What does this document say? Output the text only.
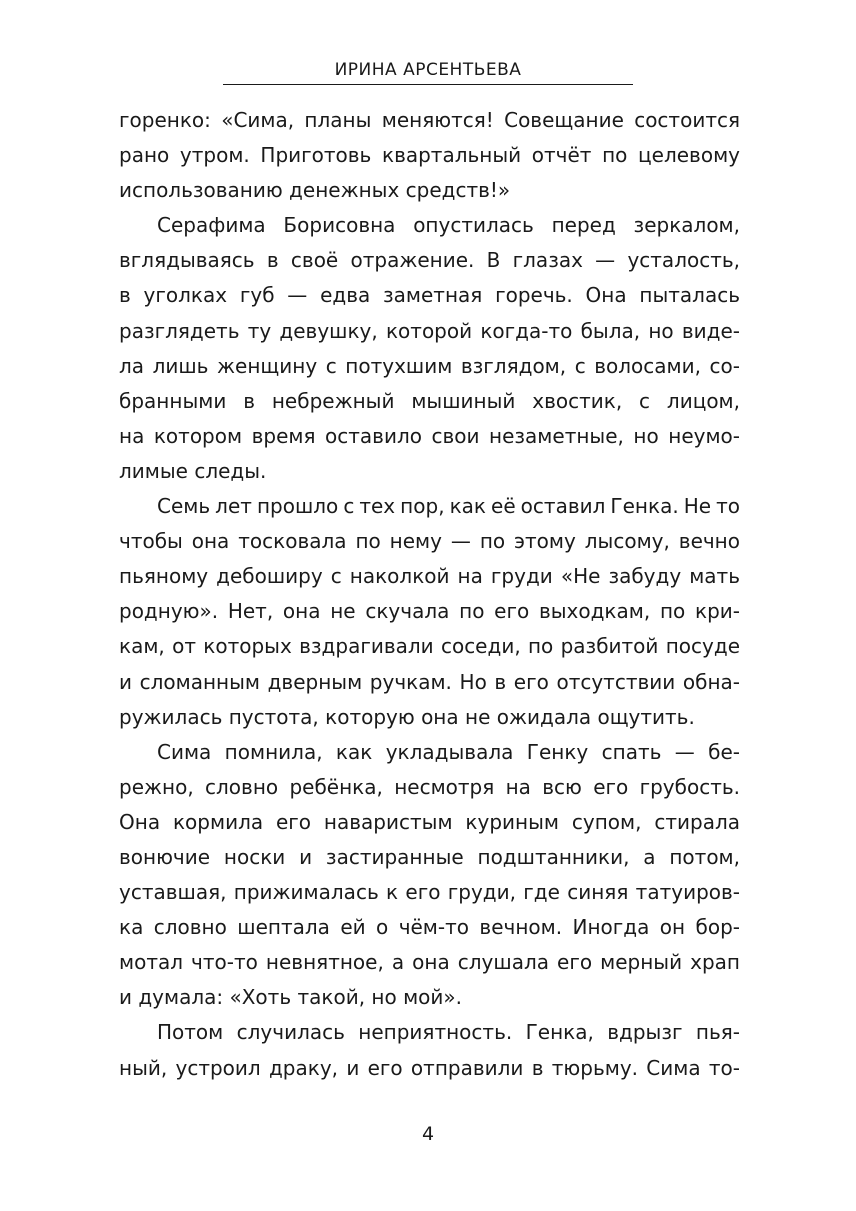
ИРИНА АРСЕНТЬЕВА

горенко: «Сима, планы меняются! Совещание состоится
рано утром. Приготовь квартальный отчёт по целевому
использованию денежных средств!»

Серафима Борисовна опустилась перед зеркалом,
вглядываясь в своё отражение. В глазах — усталость,
в уголках губ — едва заметная горечь. Она пыталась
разглядеть ту девушку, которой когда-то была, но виде-
ла лишь женщину с потухшим взглядом, с волосами, со-
бранными в небрежный мышиный хвостик, с лицом,
на котором время оставило свои незаметные, но неумо-
лимые следы.

Семь лет прошло с тех пор, как её оставил Генка. Не то
чтобы она тосковала по нему — по этому лысому, вечно
пьяному дебоширу с наколкой на груди «Не забуду мать
родную». Нет, она не скучала по его выходкам, по кри-
кам, от которых вздрагивали соседи, по разбитой посуде
и сломанным дверным ручкам. Но в его отсутствии обна-
ружилась пустота, которую она не ожидала ощутить.

Сима помнила, как укладывала Генку спать — бе-
режно, словно ребёнка, несмотря на всю его грубость.
Она кормила его наваристым куриным супом, стирала
вонючие носки и застиранные подштанники, а потом,
уставшая, прижималась к его груди, где синяя татуиров-
ка словно шептала ей о чём-то вечном. Иногда он бор-
мотал что-то невнятное, а она слушала его мерный храп
и думала: «Хоть такой, но мой».

Потом случилась неприятность. Генка, вдрызг пья-
ный, устроил драку, и его отправили в тюрьму. Сима то-

4
